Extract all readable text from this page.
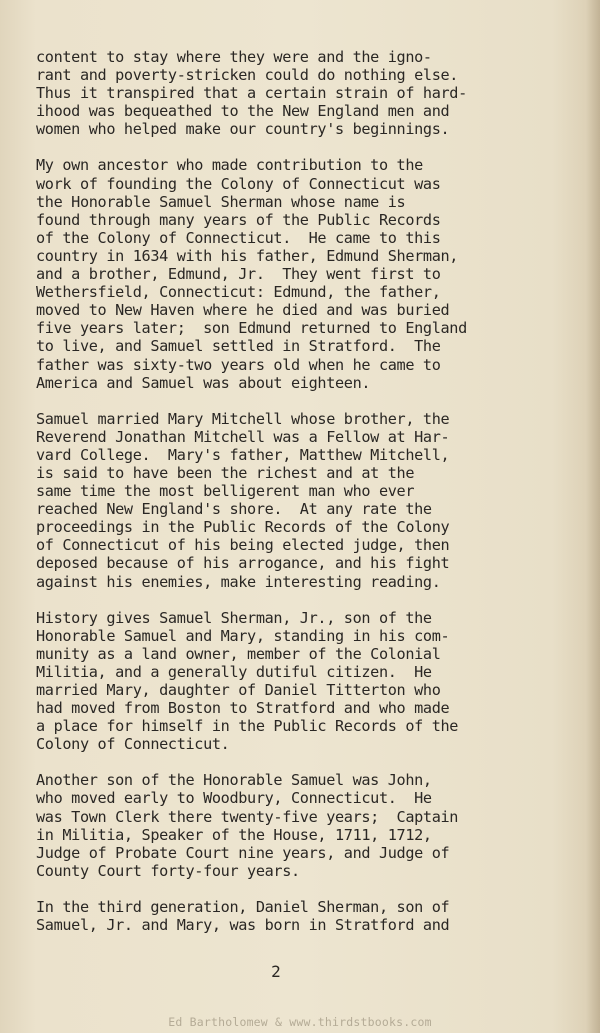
content to stay where they were and the igno-
rant and poverty-stricken could do nothing else.
Thus it transpired that a certain strain of hard-
ihood was bequeathed to the New England men and
women who helped make our country's beginnings.
My own ancestor who made contribution to the
work of founding the Colony of Connecticut was
the Honorable Samuel Sherman whose name is
found through many years of the Public Records
of the Colony of Connecticut.  He came to this
country in 1634 with his father, Edmund Sherman,
and a brother, Edmund, Jr.  They went first to
Wethersfield, Connecticut: Edmund, the father,
moved to New Haven where he died and was buried
five years later;  son Edmund returned to England
to live, and Samuel settled in Stratford.  The
father was sixty-two years old when he came to
America and Samuel was about eighteen.
Samuel married Mary Mitchell whose brother, the
Reverend Jonathan Mitchell was a Fellow at Har-
vard College.  Mary's father, Matthew Mitchell,
is said to have been the richest and at the
same time the most belligerent man who ever
reached New England's shore.  At any rate the
proceedings in the Public Records of the Colony
of Connecticut of his being elected judge, then
deposed because of his arrogance, and his fight
against his enemies, make interesting reading.
History gives Samuel Sherman, Jr., son of the
Honorable Samuel and Mary, standing in his com-
munity as a land owner, member of the Colonial
Militia, and a generally dutiful citizen.  He
married Mary, daughter of Daniel Titterton who
had moved from Boston to Stratford and who made
a place for himself in the Public Records of the
Colony of Connecticut.
Another son of the Honorable Samuel was John,
who moved early to Woodbury, Connecticut.  He
was Town Clerk there twenty-five years;  Captain
in Militia, Speaker of the House, 1711, 1712,
Judge of Probate Court nine years, and Judge of
County Court forty-four years.
In the third generation, Daniel Sherman, son of
Samuel, Jr. and Mary, was born in Stratford and
2
Ed Bartholomew & www.thirdstbooks.com
